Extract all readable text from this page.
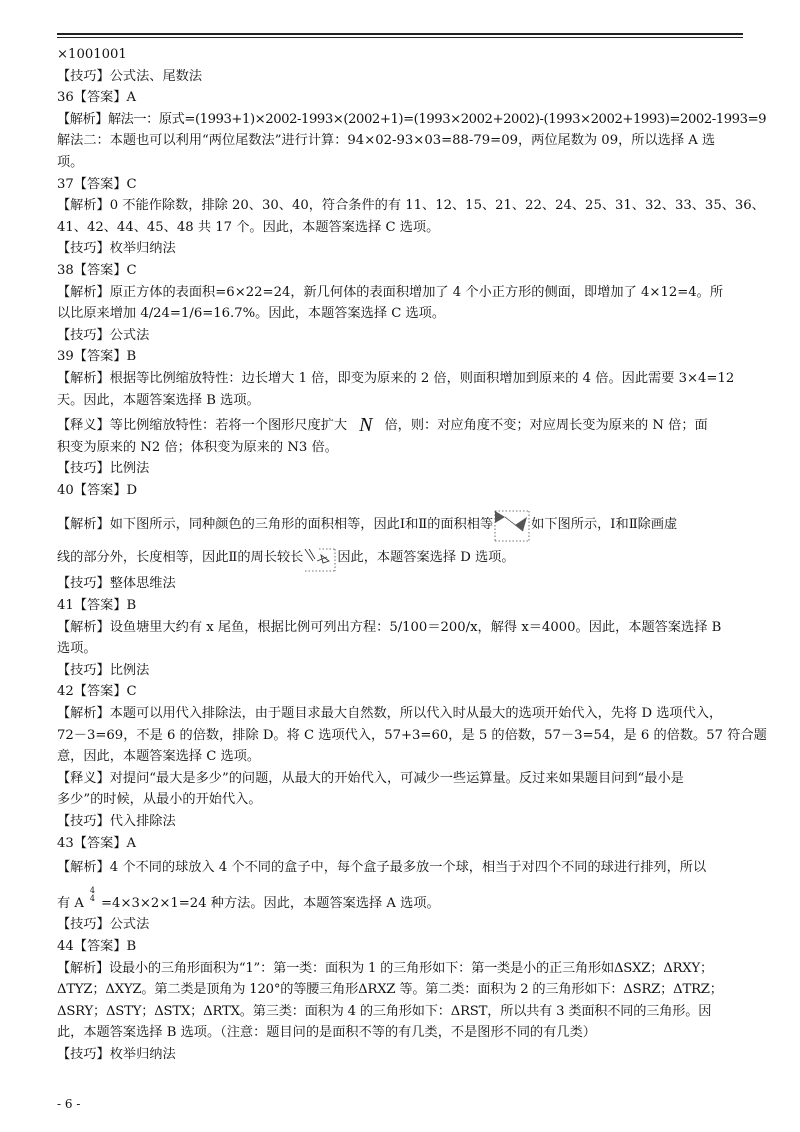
×1001001

【技巧】公式法、尾数法

36【答案】A

【解析】解法一：原式=(1993+1)×2002-1993×(2002+1)=(1993×2002+2002)-(1993×2002+1993)=2002-1993=9

解法二：本题也可以利用“两位尾数法”进行计算：94×02-93×03=88-79=09，两位尾数为 09，所以选择 A 选

项。

37【答案】C

【解析】0 不能作除数，排除 20、30、40，符合条件的有 11、12、15、21、22、24、25、31、32、33、35、36、

41、42、44、45、48 共 17 个。因此，本题答案选择 C 选项。

【技巧】枚举归纳法

38【答案】C

【解析】原正方体的表面积=6×22=24，新几何体的表面积增加了 4 个小正方形的侧面，即增加了 4×12=4。所

以比原来增加 4/24=1/6=16.7%。因此，本题答案选择 C 选项。

【技巧】公式法

39【答案】B

【解析】根据等比例缩放特性：边长增大 1 倍，即变为原来的 2 倍，则面积增加到原来的 4 倍。因此需要 3×4=12

天。因此，本题答案选择 B 选项。

【释义】等比例缩放特性：若将一个图形尺度扩大 N 倍，则：对应角度不变；对应周长变为原来的 N 倍；面

积变为原来的 N2 倍；体积变为原来的 N3 倍。

【技巧】比例法

40【答案】D

【解析】如下图所示，同种颜色的三角形的面积相等，因此Ⅰ和Ⅱ的面积相等	如下图所示，Ⅰ和Ⅱ除画虚

线的部分外，长度相等，因此Ⅱ的周长较长	因此，本题答案选择 D 选项。

【技巧】整体思维法

41【答案】B

【解析】设鱼塘里大约有 x 尾鱼，根据比例可列出方程：5/100＝200/x，解得 x＝4000。因此，本题答案选择 B

选项。

【技巧】比例法

42【答案】C

【解析】本题可以用代入排除法，由于题目求最大自然数，所以代入时从最大的选项开始代入，先将 D 选项代入，

72－3=69，不是 6 的倍数，排除 D。将 C 选项代入，57+3=60，是 5 的倍数，57－3=54，是 6 的倍数。57 符合题

意，因此，本题答案选择 C 选项。

【释义】对提问“最大是多少”的问题，从最大的开始代入，可减少一些运算量。反过来如果题目问到“最小是

多少”的时候，从最小的开始代入。

【技巧】代入排除法

43【答案】A

【解析】4 个不同的球放入 4 个不同的盒子中，每个盒子最多放一个球，相当于对四个不同的球进行排列，所以

有 A4
4 =4×3×2×1=24 种方法。因此，本题答案选择 A 选项。

【技巧】公式法

44【答案】B

【解析】设最小的三角形面积为“1”：第一类：面积为 1 的三角形如下：第一类是小的正三角形如ΔSXZ；ΔRXY；

ΔTYZ；ΔXYZ。第二类是顶角为 120°的等腰三角形ΔRXZ 等。第二类：面积为 2 的三角形如下：ΔSRZ；ΔTRZ；

ΔSRY；ΔSTY；ΔSTX；ΔRTX。第三类：面积为 4 的三角形如下：ΔRST，所以共有 3 类面积不同的三角形。因

此，本题答案选择 B 选项。（注意：题目问的是面积不等的有几类，不是图形不同的有几类）

【技巧】枚举归纳法

- 6 -
